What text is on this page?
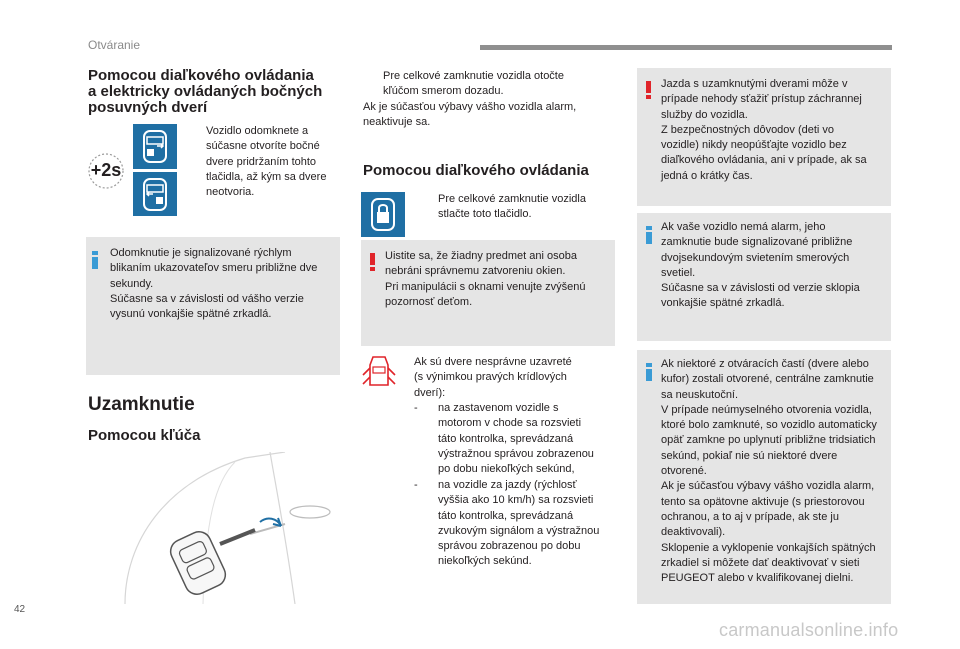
Otváranie
Pomocou diaľkového ovládania
a elektricky ovládaných bočných
posuvných dverí
+2s
Vozidlo odomknete a
súčasne otvoríte bočné
dvere pridržaním tohto
tlačidla, až kým sa dvere
neotvoria.
Odomknutie je signalizované rýchlym
blikaním ukazovateľov smeru približne dve
sekundy.
Súčasne sa v závislosti od vášho verzie
vysunú vonkajšie spätné zrkadlá.
Uzamknutie
Pomocou kľúča
Pre celkové zamknutie vozidla otočte
kľúčom smerom dozadu.
Ak je súčasťou výbavy vášho vozidla alarm,
neaktivuje sa.
Pomocou diaľkového ovládania
Pre celkové zamknutie vozidla
stlačte toto tlačidlo.
Uistite sa, že žiadny predmet ani osoba
nebráni správnemu zatvoreniu okien.
Pri manipulácii s oknami venujte zvýšenú
pozornosť deťom.
Ak sú dvere nesprávne uzavreté
(s výnimkou pravých krídlových
dverí):
- na zastavenom vozidle s
motorom v chode sa rozsvieti
táto kontrolka, sprevádzaná
výstražnou správou zobrazenou
po dobu niekoľkých sekúnd,
- na vozidle za jazdy (rýchlosť
vyššia ako 10 km/h) sa rozsvieti
táto kontrolka, sprevádzaná
zvukovým signálom a výstražnou
správou zobrazenou po dobu
niekoľkých sekúnd.
Jazda s uzamknutými dverami môže v
prípade nehody sťažiť prístup záchrannej
služby do vozidla.
Z bezpečnostných dôvodov (deti vo
vozidle) nikdy neopúšťajte vozidlo bez
diaľkového ovládania, ani v prípade, ak sa
jedná o krátky čas.
Ak vaše vozidlo nemá alarm, jeho
zamknutie bude signalizované približne
dvojsekundovým svietením smerových
svetiel.
Súčasne sa v závislosti od verzie sklopia
vonkajšie spätné zrkadlá.
Ak niektoré z otváracích častí (dvere alebo
kufor) zostali otvorené, centrálne zamknutie
sa neuskutoční.
V prípade neúmyselného otvorenia vozidla,
ktoré bolo zamknuté, so vozidlo automaticky
opäť zamkne po uplynutí približne tridsiatich
sekúnd, pokiaľ nie sú niektoré dvere
otvorené.
Ak je súčasťou výbavy vášho vozidla alarm,
tento sa opätovne aktivuje (s priestorovou
ochranou, a to aj v prípade, ak ste ju
deaktivovali).
Sklopenie a vyklopenie vonkajších spätných
zrkadiel si môžete dať deaktivovať v sieti
PEUGEOT alebo v kvalifikovanej dielni.
42
carmanualsonline.info
